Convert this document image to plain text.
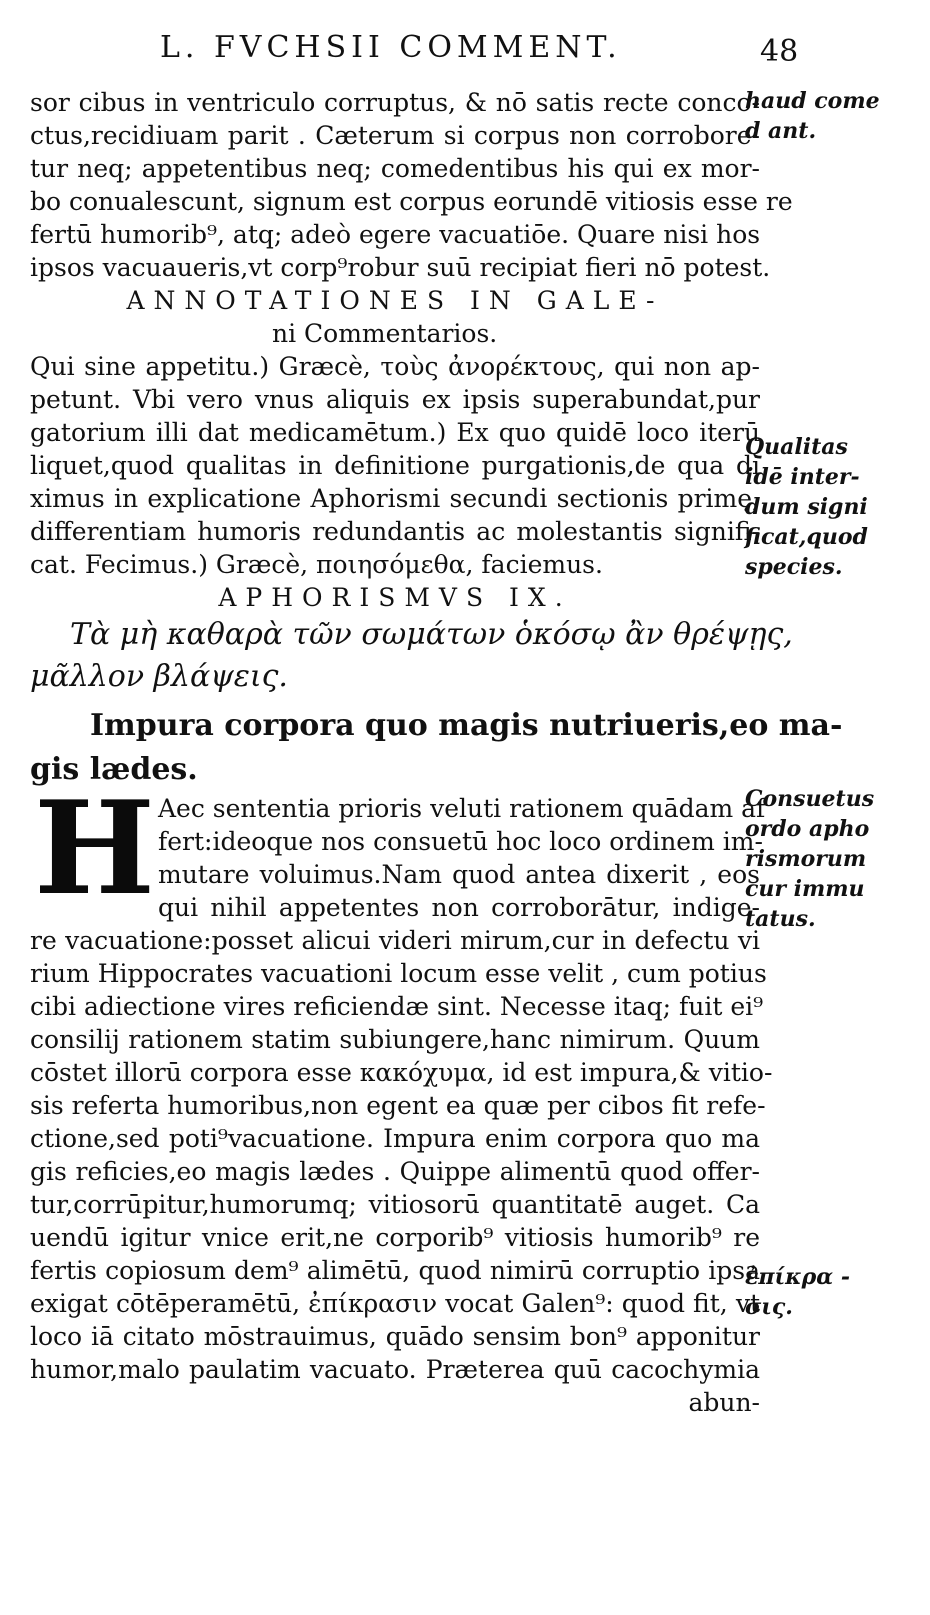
L. FVCHSII COMMENT.	48
sor cibus in ventriculo corruptus, & nō satis recte conco-
ctus,recidiuam parit . Cæterum si corpus non corrobore-
tur neq; appetentibus neq; comedentibus his qui ex mor-
bo conualescunt, signum est corpus eorundē vitiosis esse re
fertū humorib⁹, atq; adeò egere vacuatiōe. Quare nisi hos
ipsos vacuaueris,vt corp⁹robur suū recipiat fieri nō potest.
ANNOTATIONES IN GALE-
ni Commentarios.
Qui sine appetitu.) Græcè, τοὺς ἀνορέκτους, qui non ap-
petunt. Vbi vero vnus aliquis ex ipsis superabundat,pur
gatorium illi dat medicamētum.) Ex quo quidē loco iterū
liquet,quod qualitas in definitione purgationis,de qua di
ximus in explicatione Aphorismi secundi sectionis primę,
differentiam humoris redundantis ac molestantis signifi-
cat. Fecimus.) Græcè, ποιησόμεθα, faciemus.
APHORISMVS IX.
Τὰ μὴ καθαρὰ τῶν σωμάτων ὁκόσῳ ἂν θρέψῃς,
μᾶλλον βλάψεις.
Impura corpora quo magis nutriueris,eo ma-
gis lædes.
H Aec sententia prioris veluti rationem quādam af
fert:ideoque nos consuetū hoc loco ordinem im-
mutare voluimus.Nam quod antea dixerit , eos
qui nihil appetentes non corroborātur, indige-
re vacuatione:posset alicui videri mirum,cur in defectu vi
rium Hippocrates vacuationi locum esse velit , cum potius
cibi adiectione vires reficiendæ sint. Necesse itaq; fuit ei⁹
consilij rationem statim subiungere,hanc nimirum. Quum
cōstet illorū corpora esse κακόχυμα, id est impura,& vitio-
sis referta humoribus,non egent ea quæ per cibos fit refe-
ctione,sed poti⁹vacuatione. Impura enim corpora quo ma
gis reficies,eo magis lædes . Quippe alimentū quod offer-
tur,corrūpitur,humorumq; vitiosorū quantitatē auget. Ca
uendū igitur vnice erit,ne corporib⁹ vitiosis humorib⁹ re
fertis copiosum dem⁹ alimētū, quod nimirū corruptio ipsa
exigat cōtēperamētū, ἐπίκρασιν vocat Galen⁹: quod fit, vt
loco iā citato mōstrauimus, quādo sensim bon⁹ apponitur
humor,malo paulatim vacuato. Præterea quū cacochymia
abun-
haud come
d ant.
Qualitas
idē inter-
dum signi
ficat,quod
species.
Consuetus
ordo apho
rismorum
cur immu
tatus.
ἐπίκρα -
σις.
